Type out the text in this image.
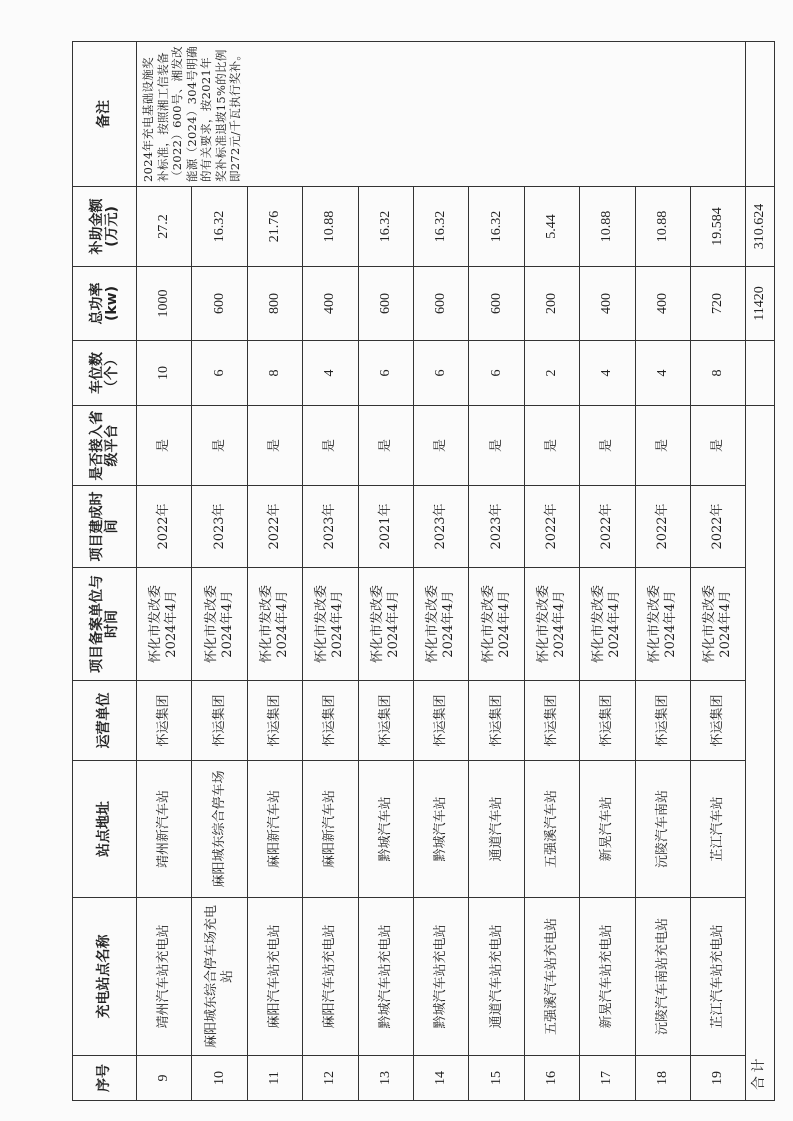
序号	充电站点名称	站点地址	运营单位	项目备案单位与时间	项目建成时间	是否接入省级平台	车位数（个）	总功率(kw)	补助金额(万元)	备注
9	靖州汽车站充电站	靖州新汽车站	怀运集团	怀化市发改委2024年4月	2022年	是	10	1000	27.2	2024年充电基础设施奖补标准，按照湘工信装备（2022）600号、湘发改能源（2024）304号明确的有关要求，按2021年奖补标准退坡15%的比例即272元/千瓦执行奖补。
10	麻阳城东综合停车场充电站	麻阳城东综合停车场	怀运集团	怀化市发改委2024年4月	2023年	是	6	600	16.32	
11	麻阳汽车站充电站	麻阳新汽车站	怀运集团	怀化市发改委2024年4月	2022年	是	8	800	21.76	
12	麻阳汽车站充电站	麻阳新汽车站	怀运集团	怀化市发改委2024年4月	2023年	是	4	400	10.88	
13	黔城汽车站充电站	黔城汽车站	怀运集团	怀化市发改委2024年4月	2021年	是	6	600	16.32	
14	黔城汽车站充电站	黔城汽车站	怀运集团	怀化市发改委2024年4月	2023年	是	6	600	16.32	
15	通道汽车站充电站	通道汽车站	怀运集团	怀化市发改委2024年4月	2023年	是	6	600	16.32	
16	五强溪汽车站充电站	五强溪汽车站	怀运集团	怀化市发改委2024年4月	2022年	是	2	200	5.44	
17	新晃汽车站充电站	新晃汽车站	怀运集团	怀化市发改委2024年4月	2022年	是	4	400	10.88	
18	沅陵汽车南站充电站	沅陵汽车南站	怀运集团	怀化市发改委2024年4月	2022年	是	4	400	10.88	
19	芷江汽车站充电站	芷江汽车站	怀运集团	怀化市发改委2024年4月	2022年	是	8	720	19.584	
合 计								11420	310.624	
